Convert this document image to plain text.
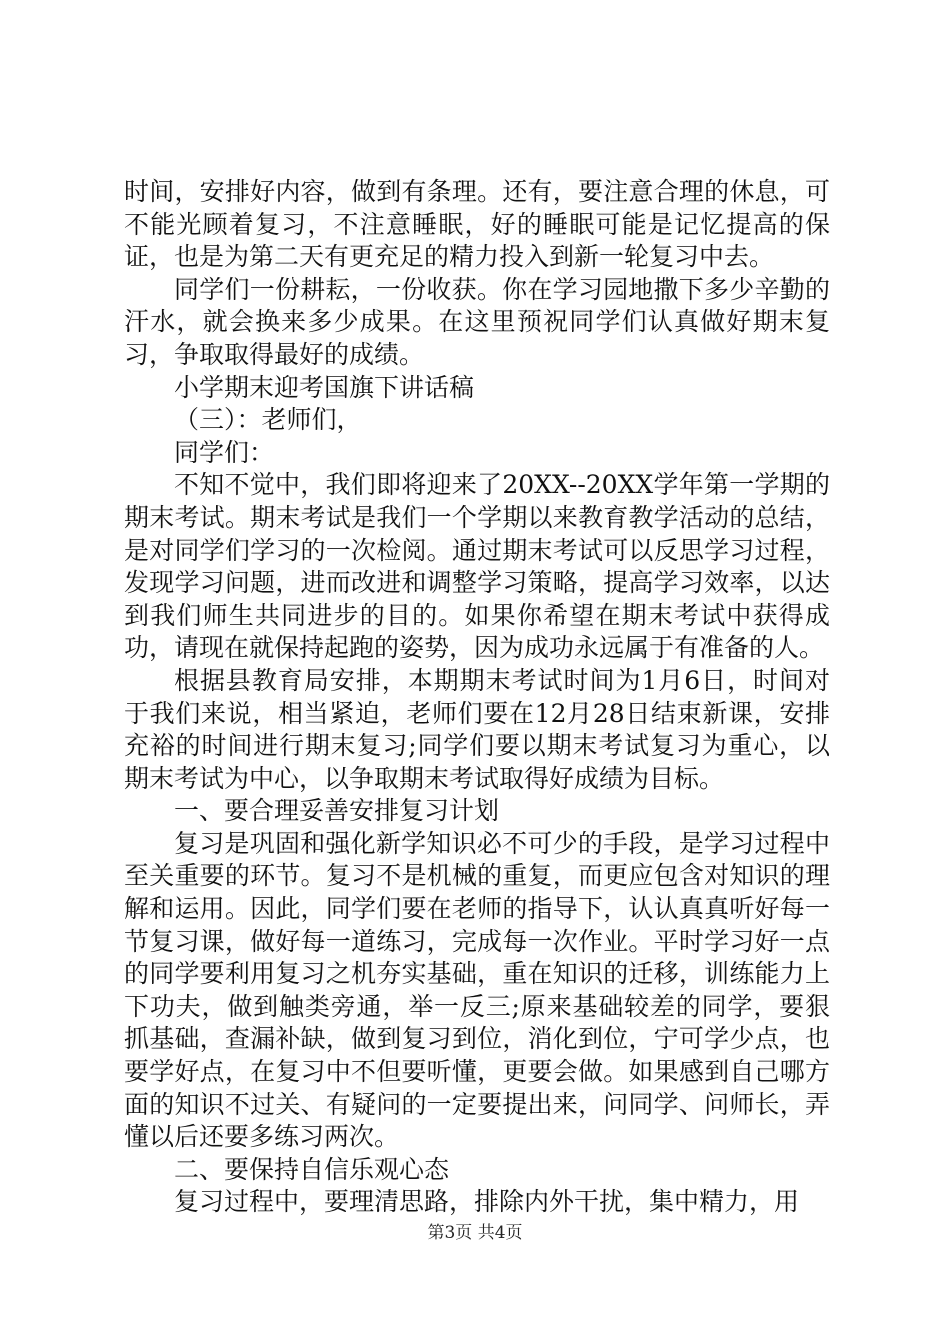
时间，安排好内容，做到有条理。还有，要注意合理的休息，可不能光顾着复习，不注意睡眠，好的睡眠可能是记忆提高的保证，也是为第二天有更充足的精力投入到新一轮复习中去。

同学们一份耕耘，一份收获。你在学习园地撒下多少辛勤的汗水，就会换来多少成果。在这里预祝同学们认真做好期末复习，争取取得最好的成绩。

小学期末迎考国旗下讲话稿

（三）：老师们，

同学们：

不知不觉中，我们即将迎来了20XX--20XX学年第一学期的期末考试。期末考试是我们一个学期以来教育教学活动的总结，是对同学们学习的一次检阅。通过期末考试可以反思学习过程，发现学习问题，进而改进和调整学习策略，提高学习效率，以达到我们师生共同进步的目的。如果你希望在期末考试中获得成功，请现在就保持起跑的姿势，因为成功永远属于有准备的人。

根据县教育局安排，本期期末考试时间为1月6日，时间对于我们来说，相当紧迫，老师们要在12月28日结束新课，安排充裕的时间进行期末复习;同学们要以期末考试复习为重心，以期末考试为中心，以争取期末考试取得好成绩为目标。

一、要合理妥善安排复习计划

复习是巩固和强化新学知识必不可少的手段，是学习过程中至关重要的环节。复习不是机械的重复，而更应包含对知识的理解和运用。因此，同学们要在老师的指导下，认认真真听好每一节复习课，做好每一道练习，完成每一次作业。平时学习好一点的同学要利用复习之机夯实基础，重在知识的迁移，训练能力上下功夫，做到触类旁通，举一反三;原来基础较差的同学，要狠抓基础，查漏补缺，做到复习到位，消化到位，宁可学少点，也要学好点，在复习中不但要听懂，更要会做。如果感到自己哪方面的知识不过关、有疑问的一定要提出来，问同学、问师长，弄懂以后还要多练习两次。

二、要保持自信乐观心态

复习过程中，要理清思路，排除内外干扰，集中精力，用

第3页 共4页
